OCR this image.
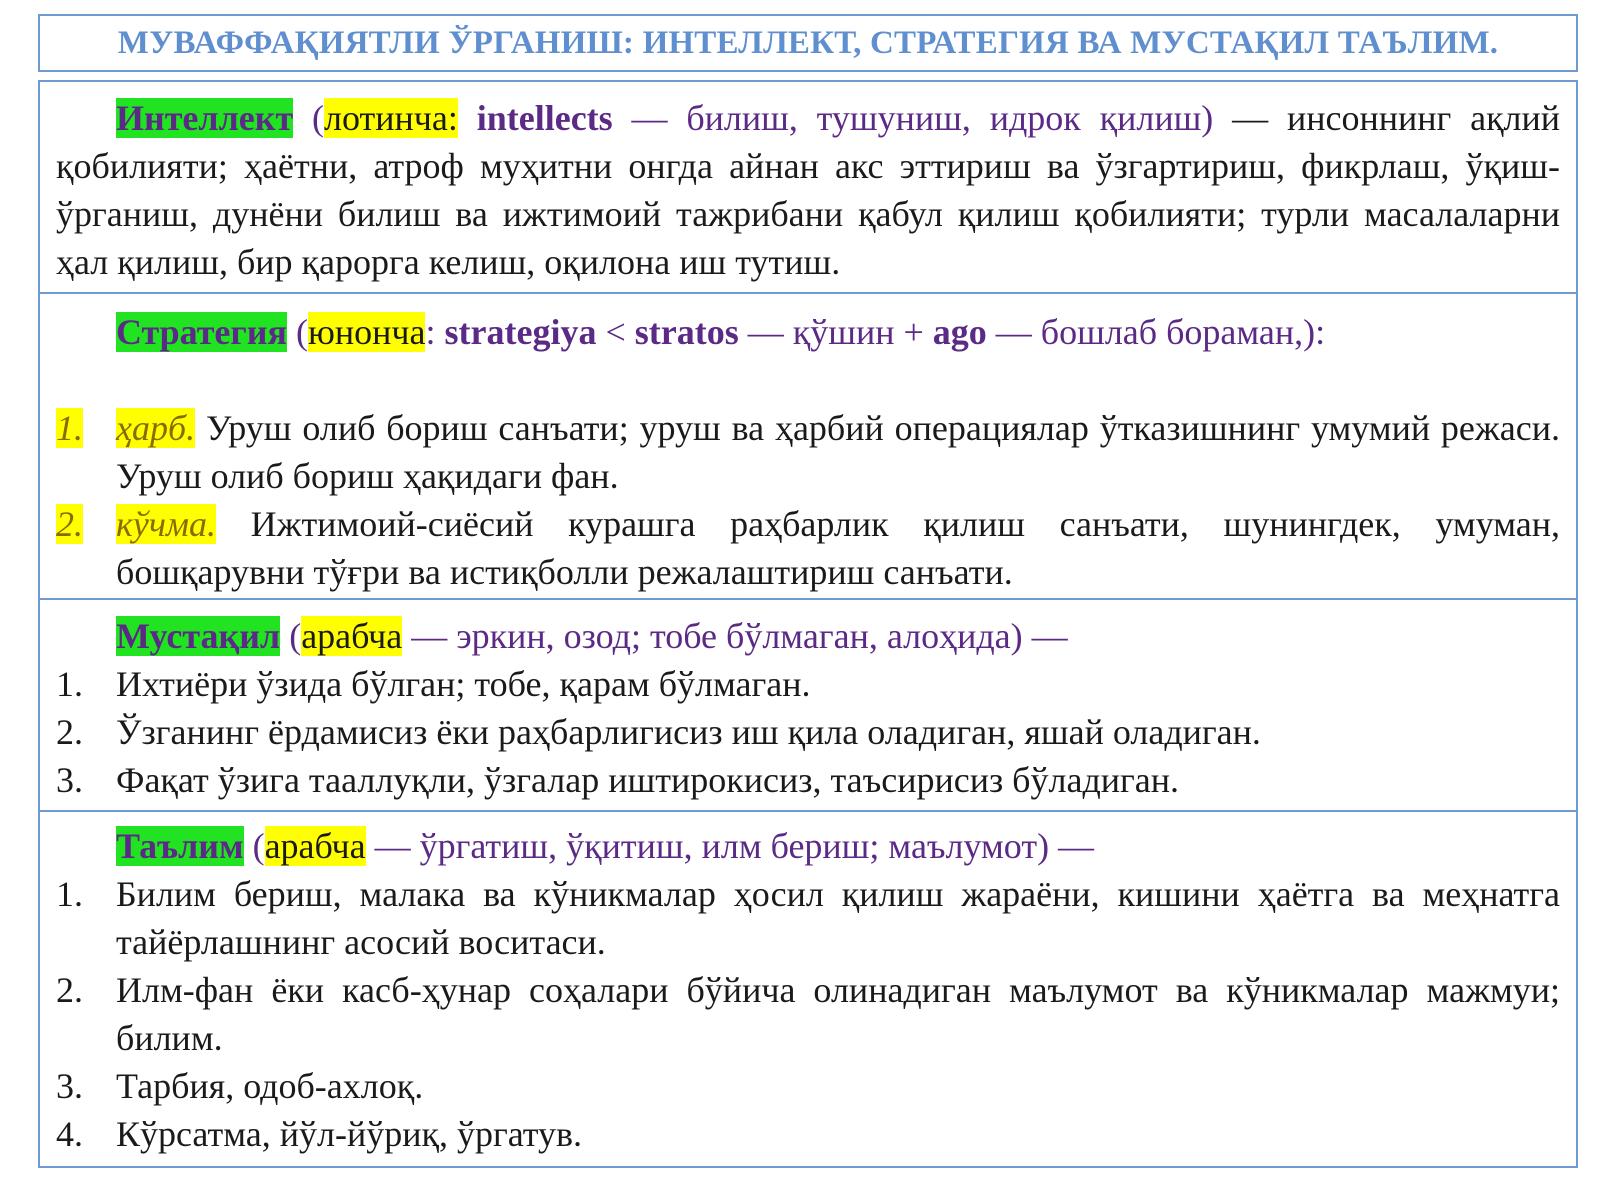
МУВАФФАҚИЯТЛИ ЎРГАНИШ: ИНТЕЛЛЕКТ, СТРАТЕГИЯ ВА МУСТАҚИЛ ТАЪЛИМ.

Интеллект (лотинча: intellects — билиш, тушуниш, идрок қилиш) — инсоннинг ақлий қобилияти; ҳаётни, атроф муҳитни онгда айнан акс эттириш ва ўзгартириш, фикрлаш, ўқиш-ўрганиш, дунёни билиш ва ижтимоий тажрибани қабул қилиш қобилияти; турли масалаларни ҳал қилиш, бир қарорга келиш, оқилона иш тутиш.

Стратегия (юнонча: strategiya < stratos — қўшин + ago — бошлаб бораман,):

1. ҳарб. Уруш олиб бориш санъати; уруш ва ҳарбий операциялар ўтказишнинг умумий режаси. Уруш олиб бориш ҳақидаги фан.
2. кўчма. Ижтимоий-сиёсий курашга раҳбарлик қилиш санъати, шунингдек, умуман, бошқарувни тўғри ва истиқболли режалаштириш санъати.

Мустақил (арабча — эркин, озод; тобе бўлмаган, алоҳида) —

1. Ихтиёри ўзида бўлган; тобе, қарам бўлмаган.
2. Ўзганинг ёрдамисиз ёки раҳбарлигисиз иш қила оладиган, яшай оладиган.
3. Фақат ўзига тааллуқли, ўзгалар иштирокисиз, таъсирисиз бўладиган.

Таълим (арабча — ўргатиш, ўқитиш, илм бериш; маълумот) —

1. Билим бериш, малака ва кўникмалар ҳосил қилиш жараёни, кишини ҳаётга ва меҳнатга тайёрлашнинг асосий воситаси.
2. Илм-фан ёки касб-ҳунар соҳалари бўйича олинадиган маълумот ва кўникмалар мажмуи; билим.
3. Тарбия, одоб-ахлоқ.
4. Кўрсатма, йўл-йўриқ, ўргатув.
